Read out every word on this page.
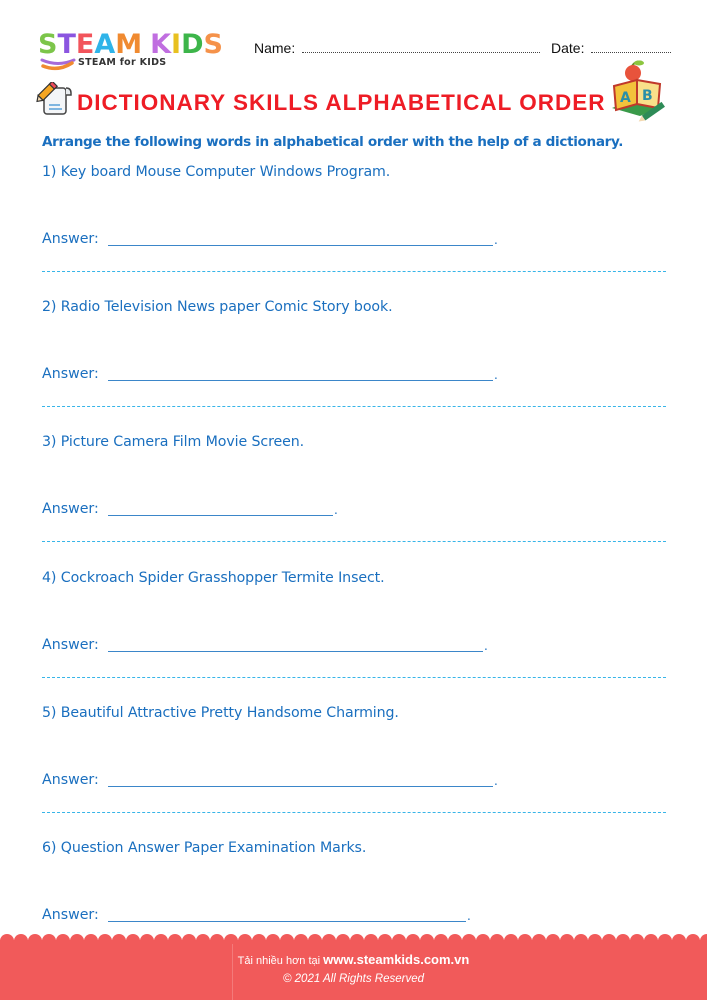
STEAM KIDS
STEAM for KIDS
Name:	Date:
DICTIONARY SKILLS ALPHABETICAL ORDER A B
Arrange the following words in alphabetical order with the help of a dictionary.
1) Key board Mouse Computer Windows Program.
Answer:	.
2) Radio Television News paper Comic Story book.
Answer:	.
3) Picture Camera Film Movie Screen.
Answer:	.
4) Cockroach Spider Grasshopper Termite Insect.
Answer:	.
5) Beautiful Attractive Pretty Handsome Charming.
Answer:	.
6) Question Answer Paper Examination Marks.
Answer:	.
Tải nhiều hơn tại www.steamkids.com.vn
© 2021 All Rights Reserved
